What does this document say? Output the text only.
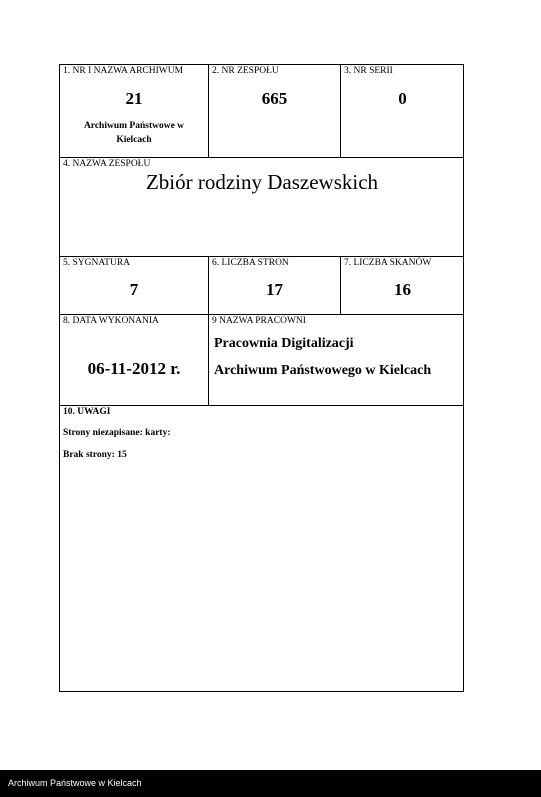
1. NR I NAZWA ARCHIWUM
21
Archiwum Państwowe w
Kielcach
2. NR ZESPOŁU
665
3. NR SERII
0
4. NAZWA ZESPOŁU
Zbiór rodziny Daszewskich
5. SYGNATURA
7
6. LICZBA STRON
17
7. LICZBA SKANÓW
16
8. DATA WYKONANIA
06-11-2012 r.
9 NAZWA PRACOWNI
Pracownia Digitalizacji
Archiwum Państwowego w Kielcach
10. UWAGI
Strony niezapisane: karty:
Brak strony: 15
Archiwum Państwowe w Kielcach
